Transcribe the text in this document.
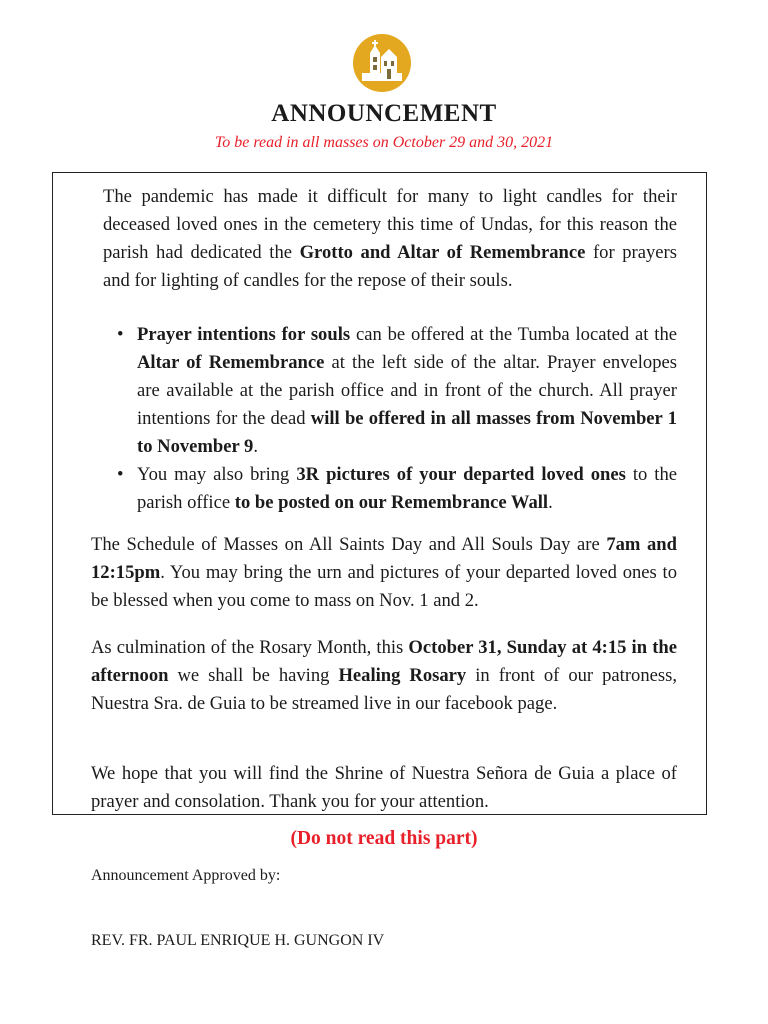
ANNOUNCEMENT
To be read in all masses on October 29 and 30, 2021

The pandemic has made it difficult for many to light candles for their deceased loved ones in the cemetery this time of Undas, for this reason the parish had dedicated the Grotto and Altar of Remembrance for prayers and for lighting of candles for the repose of their souls.

• Prayer intentions for souls can be offered at the Tumba located at the Altar of Remembrance at the left side of the altar. Prayer envelopes are available at the parish office and in front of the church. All prayer intentions for the dead will be offered in all masses from November 1 to November 9.
• You may also bring 3R pictures of your departed loved ones to the parish office to be posted on our Remembrance Wall.

The Schedule of Masses on All Saints Day and All Souls Day are 7am and 12:15pm. You may bring the urn and pictures of your departed loved ones to be blessed when you come to mass on Nov. 1 and 2.

As culmination of the Rosary Month, this October 31, Sunday at 4:15 in the afternoon we shall be having Healing Rosary in front of our patroness, Nuestra Sra. de Guia to be streamed live in our facebook page.

We hope that you will find the Shrine of Nuestra Señora de Guia a place of prayer and consolation. Thank you for your attention.

(Do not read this part)
Announcement Approved by:
REV. FR. PAUL ENRIQUE H. GUNGON IV
